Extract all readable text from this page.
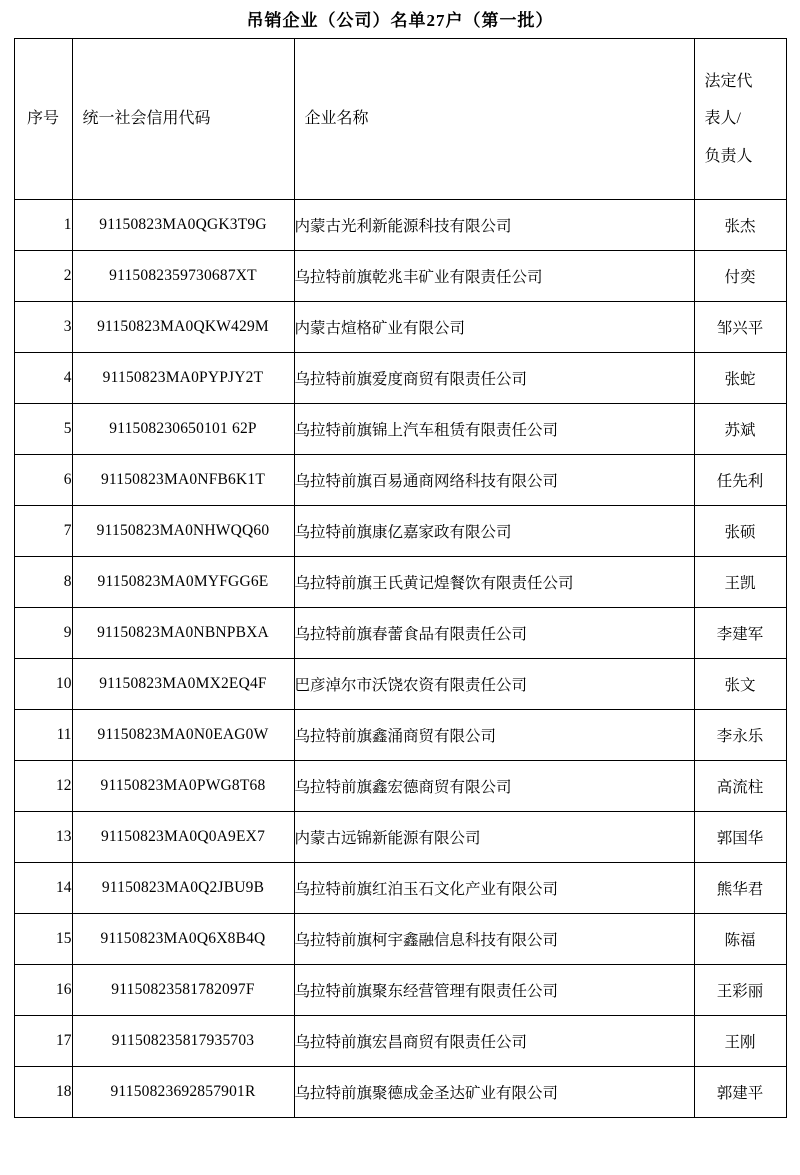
吊销企业（公司）名单27户（第一批）
序号	统一社会信用代码	企业名称	法定代
表人/
负责人

1	91150823MA0QGK3T9G	内蒙古光利新能源科技有限公司	张杰
2	9115082359730687XT	乌拉特前旗乾兆丰矿业有限责任公司	付奕
3	91150823MA0QKW429M	内蒙古煊格矿业有限公司	邹兴平
4	91150823MA0PYPJY2T	乌拉特前旗爱度商贸有限责任公司	张蛇
5	911508230650101 62P	乌拉特前旗锦上汽车租赁有限责任公司	苏斌
6	91150823MA0NFB6K1T	乌拉特前旗百易通商网络科技有限公司	任先利
7	91150823MA0NHWQQ60	乌拉特前旗康亿嘉家政有限公司	张硕
8	91150823MA0MYFGG6E	乌拉特前旗王氏黄记煌餐饮有限责任公司	王凯
9	91150823MA0NBNPBXA	乌拉特前旗春蕾食品有限责任公司	李建军
10	91150823MA0MX2EQ4F	巴彦淖尔市沃饶农资有限责任公司	张文
11	91150823MA0N0EAG0W	乌拉特前旗鑫涌商贸有限公司	李永乐
12	91150823MA0PWG8T68	乌拉特前旗鑫宏德商贸有限公司	高流柱
13	91150823MA0Q0A9EX7	内蒙古远锦新能源有限公司	郭国华
14	91150823MA0Q2JBU9B	乌拉特前旗红泊玉石文化产业有限公司	熊华君
15	91150823MA0Q6X8B4Q	乌拉特前旗柯宇鑫融信息科技有限公司	陈福
16	91150823581782097F	乌拉特前旗聚东经营管理有限责任公司	王彩丽
17	911508235817935703	乌拉特前旗宏昌商贸有限责任公司	王刚
18	91150823692857901R	乌拉特前旗聚德成金圣达矿业有限公司	郭建平
